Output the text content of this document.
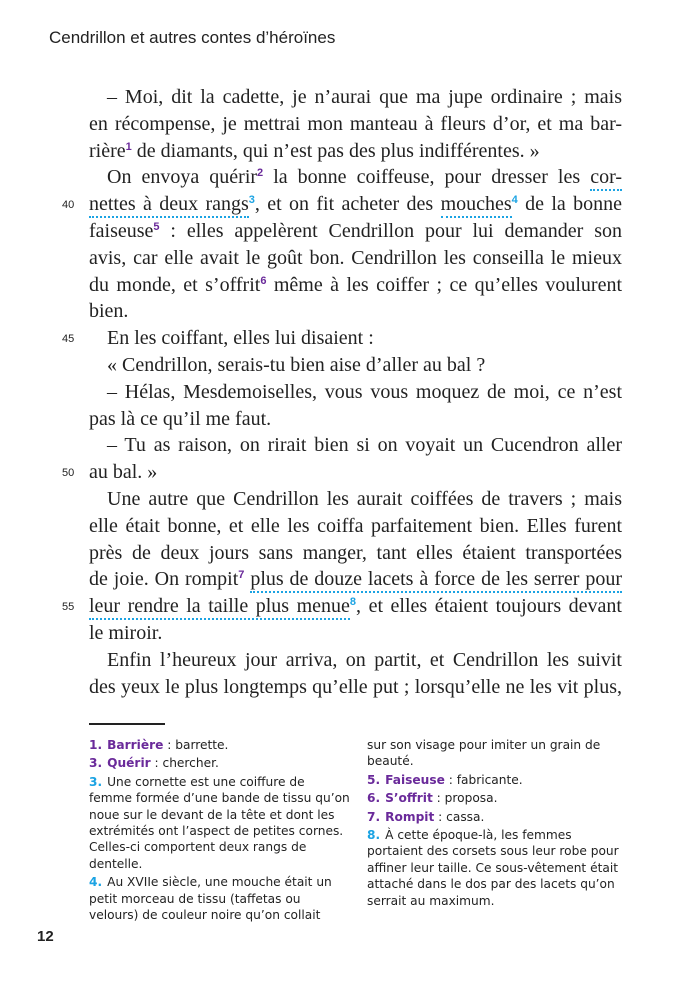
Cendrillon et autres contes d’héroïnes
– Moi, dit la cadette, je n’aurai que ma jupe ordinaire ; mais
en récompense, je mettrai mon manteau à fleurs d’or, et ma bar-
rière$^1$ de diamants, qui n’est pas des plus indifférentes. »
On envoya quérir$^2$ la bonne coiffeuse, pour dresser les cor-
40 nettes à deux rangs$^3$, et on fit acheter des mouches$^4$ de la bonne
faiseuse$^5$ : elles appelèrent Cendrillon pour lui demander son
avis, car elle avait le goût bon. Cendrillon les conseilla le mieux
du monde, et s’offrit$^6$ même à les coiffer ; ce qu’elles voulurent
bien.
45 En les coiffant, elles lui disaient :
« Cendrillon, serais-tu bien aise d’aller au bal ?
– Hélas, Mesdemoiselles, vous vous moquez de moi, ce n’est
pas là ce qu’il me faut.
– Tu as raison, on rirait bien si on voyait un Cucendron aller
50 au bal. »
Une autre que Cendrillon les aurait coiffées de travers ; mais
elle était bonne, et elle les coiffa parfaitement bien. Elles furent
près de deux jours sans manger, tant elles étaient transportées
de joie. On rompit$^7$ plus de douze lacets à force de les serrer pour
55 leur rendre la taille plus menue$^8$, et elles étaient toujours devant
le miroir.
Enfin l’heureux jour arriva, on partit, et Cendrillon les suivit
des yeux le plus longtemps qu’elle put ; lorsqu’elle ne les vit plus,
1. Barrière : barrette.
3. Quérir : chercher.
3. Une cornette est une coiffure de femme formée d’une bande de tissu qu’on noue sur le devant de la tête et dont les extrémités ont l’aspect de petites cornes. Celles-ci comportent deux rangs de dentelle.
4. Au XVIIe siècle, une mouche était un petit morceau de tissu (taffetas ou velours) de couleur noire qu’on collait
sur son visage pour imiter un grain de beauté.
5. Faiseuse : fabricante.
6. S’offrit : proposa.
7. Rompit : cassa.
8. À cette époque-là, les femmes portaient des corsets sous leur robe pour affiner leur taille. Ce sous-vêtement était attaché dans le dos par des lacets qu’on serrait au maximum.
12
